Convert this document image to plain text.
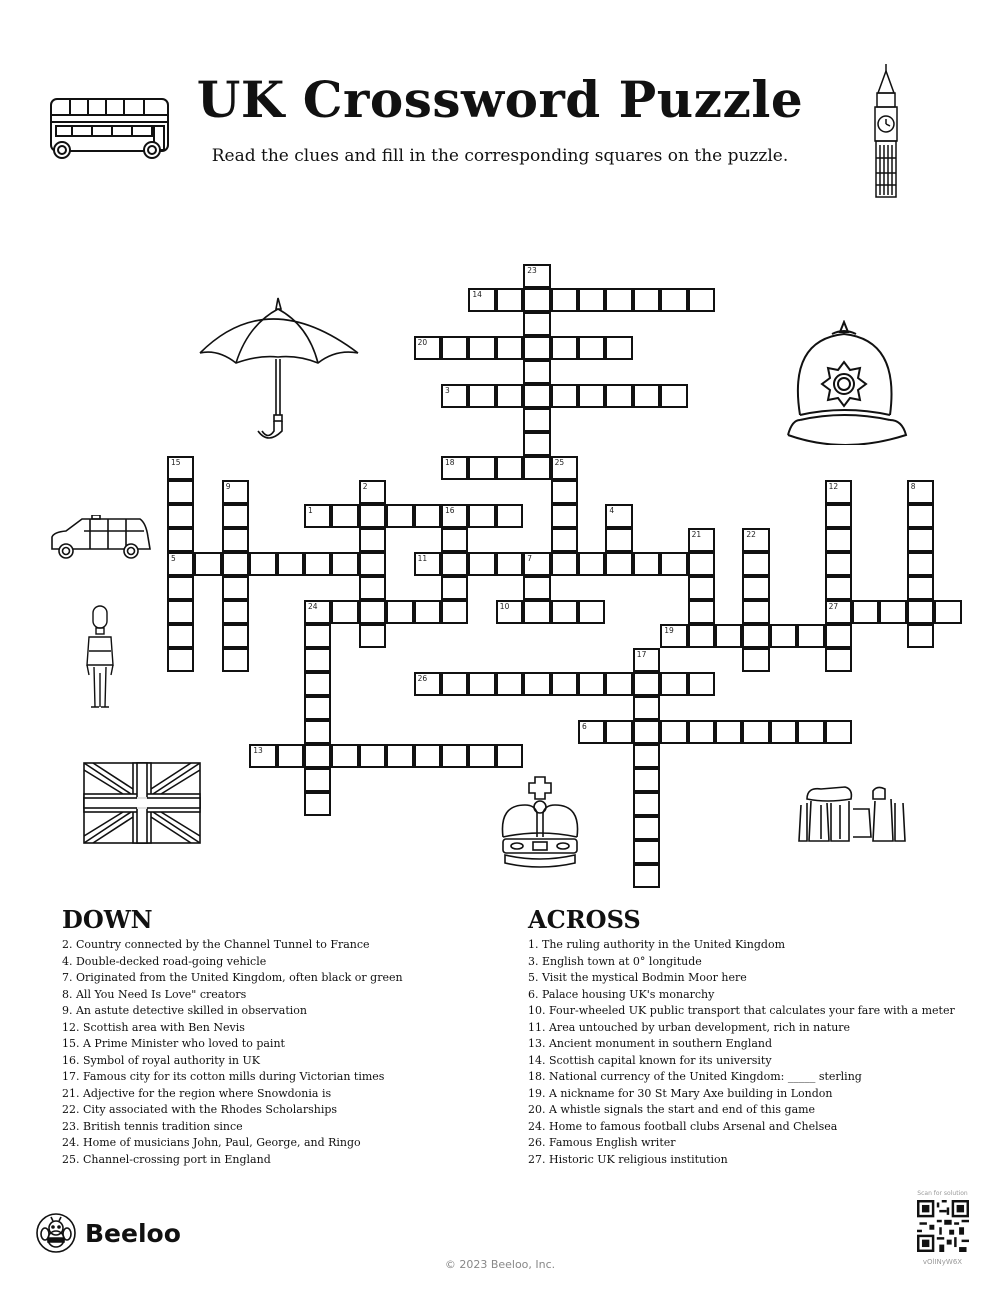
UK Crossword Puzzle

Read the clues and fill in the corresponding squares on the puzzle.

23
14
20
3
18	25
15
5
9	2	12
27
8
1	16	4
21	22
11	7
24	10
19
17
26
6
13
DOWN
2. Country connected by the Channel Tunnel to France
4. Double-decked road-going vehicle
7. Originated from the United Kingdom, often black or green
8. All You Need Is Love" creators
9. An astute detective skilled in observation
12. Scottish area with Ben Nevis
15. A Prime Minister who loved to paint
16. Symbol of royal authority in UK
17. Famous city for its cotton mills during Victorian times
21. Adjective for the region where Snowdonia is
22. City associated with the Rhodes Scholarships
23. British tennis tradition since
24. Home of musicians John, Paul, George, and Ringo
25. Channel-crossing port in England
ACROSS
1. The ruling authority in the United Kingdom
3. English town at 0° longitude
5. Visit the mystical Bodmin Moor here
6. Palace housing UK's monarchy
10. Four-wheeled UK public transport that calculates your fare with a meter
11. Area untouched by urban development, rich in nature
13. Ancient monument in southern England
14. Scottish capital known for its university
18. National currency of the United Kingdom: _____ sterling
19. A nickname for 30 St Mary Axe building in London
20. A whistle signals the start and end of this game
24. Home to famous football clubs Arsenal and Chelsea
26. Famous English writer
27. Historic UK religious institution
Beeloo
© 2023 Beeloo, Inc.
Scan for solution
vOlINyW6X
